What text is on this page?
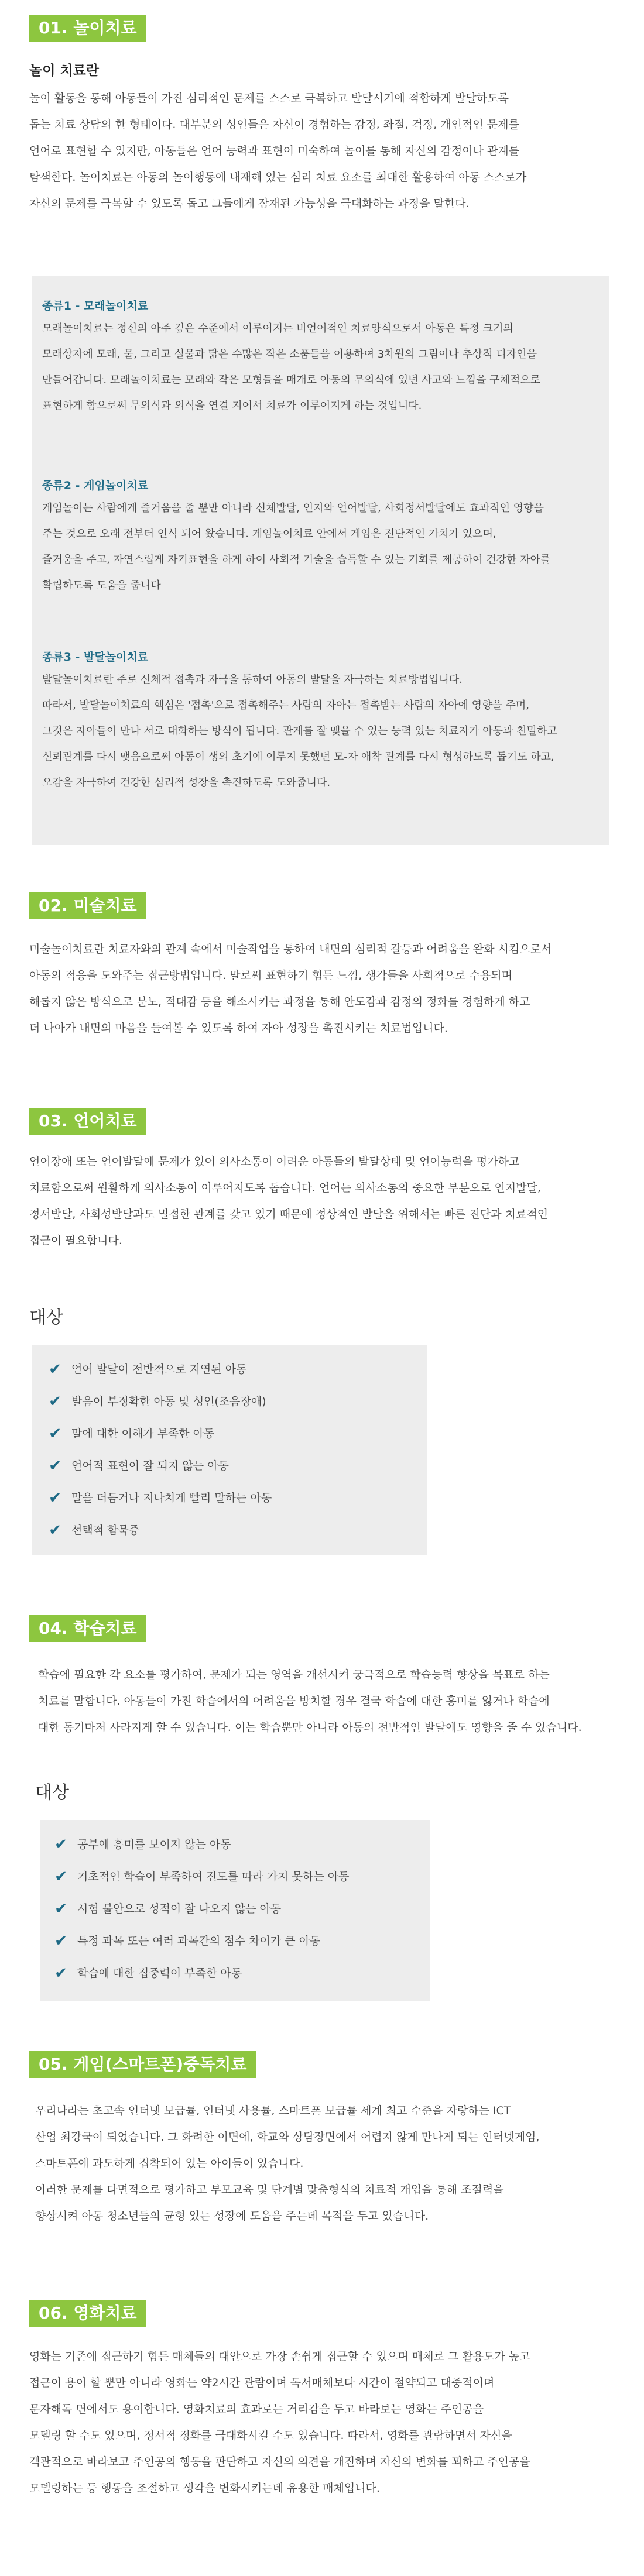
01. 놀이치료
놀이 치료란
놀이 활동을 통해 아동들이 가진 심리적인 문제를 스스로 극복하고 발달시기에 적합하게 발달하도록
돕는 치료 상담의 한 형태이다. 대부분의 성인들은 자신이 경험하는 감정, 좌절, 걱정, 개인적인 문제를
언어로 표현할 수 있지만, 아동들은 언어 능력과 표현이 미숙하여 놀이를 통해 자신의 감정이나 관계를
탐색한다. 놀이치료는 아동의 놀이행동에 내재해 있는 심리 치료 요소를 최대한 활용하여 아동 스스로가
자신의 문제를 극복할 수 있도록 돕고 그들에게 잠재된 가능성을 극대화하는 과정을 말한다.
종류1 - 모래놀이치료
모래놀이치료는 정신의 아주 깊은 수준에서 이루어지는 비언어적인 치료양식으로서 아동은 특정 크기의
모래상자에 모래, 물, 그리고 실물과 닮은 수많은 작은 소품들을 이용하여 3차원의 그림이나 추상적 디자인을
만들어갑니다. 모래놀이치료는 모래와 작은 모형들을 매개로 아동의 무의식에 있던 사고와 느낌을 구체적으로
표현하게 함으로써 무의식과 의식을 연결 지어서 치료가 이루어지게 하는 것입니다.
종류2 - 게임놀이치료
게임놀이는 사람에게 즐거움을 줄 뿐만 아니라 신체발달, 인지와 언어발달, 사회정서발달에도 효과적인 영향을
주는 것으로 오래 전부터 인식 되어 왔습니다. 게임놀이치료 안에서 게임은 진단적인 가치가 있으며,
즐거움을 주고, 자연스럽게 자기표현을 하게 하여 사회적 기술을 습득할 수 있는 기회를 제공하여 건강한 자아를
확립하도록 도움을 줍니다
종류3 - 발달놀이치료
발달놀이치료란 주로 신체적 접촉과 자극을 통하여 아동의 발달을 자극하는 치료방법입니다.
따라서, 발달놀이치료의 핵심은 '접촉'으로 접촉해주는 사람의 자아는 접촉받는 사람의 자아에 영향을 주며,
그것은 자아들이 만나 서로 대화하는 방식이 됩니다. 관계를 잘 맺을 수 있는 능력 있는 치료자가 아동과 친밀하고
신뢰관계를 다시 맺음으로써 아동이 생의 초기에 이루지 못했던 모-자 애착 관계를 다시 형성하도록 돕기도 하고,
오감을 자극하여 건강한 심리적 성장을 촉진하도록 도와줍니다.
02. 미술치료
미술놀이치료란 치료자와의 관계 속에서 미술작업을 통하여 내면의 심리적 갈등과 어려움을 완화 시킴으로서
아동의 적응을 도와주는 접근방법입니다. 말로써 표현하기 힘든 느낌, 생각들을 사회적으로 수용되며
해롭지 않은 방식으로 분노, 적대감 등을 해소시키는 과정을 통해 안도감과 감정의 정화를 경험하게 하고
더 나아가 내면의 마음을 들여볼 수 있도록 하여 자아 성장을 촉진시키는 치료법입니다.
03. 언어치료
언어장애 또는 언어발달에 문제가 있어 의사소통이 어려운 아동들의 발달상태 및 언어능력을 평가하고
치료함으로써 원활하게 의사소통이 이루어지도록 돕습니다. 언어는 의사소통의 중요한 부분으로 인지발달,
정서발달, 사회성발달과도 밀접한 관계를 갖고 있기 때문에 정상적인 발달을 위해서는 빠른 진단과 치료적인
접근이 필요합니다.
대상
✔ 언어 발달이 전반적으로 지연된 아동
✔ 발음이 부정확한 아동 및 성인(조음장애)
✔ 말에 대한 이해가 부족한 아동
✔ 언어적 표현이 잘 되지 않는 아동
✔ 말을 더듬거나 지나치게 빨리 말하는 아동
✔ 선택적 함묵증
04. 학습치료
학습에 필요한 각 요소를 평가하여, 문제가 되는 영역을 개선시켜 궁극적으로 학습능력 향상을 목표로 하는
치료를 말합니다. 아동들이 가진 학습에서의 어려움을 방치할 경우 결국 학습에 대한 흥미를 잃거나 학습에
대한 동기마저 사라지게 할 수 있습니다. 이는 학습뿐만 아니라 아동의 전반적인 발달에도 영향을 줄 수 있습니다.
대상
✔ 공부에 흥미를 보이지 않는 아동
✔ 기초적인 학습이 부족하여 진도를 따라 가지 못하는 아동
✔ 시험 불안으로 성적이 잘 나오지 않는 아동
✔ 특정 과목 또는 여러 과목간의 점수 차이가 큰 아동
✔ 학습에 대한 집중력이 부족한 아동
05. 게임(스마트폰)중독치료
우리나라는 초고속 인터넷 보급률, 인터넷 사용률, 스마트폰 보급률 세계 최고 수준을 자랑하는 ICT
산업 최강국이 되었습니다. 그 화려한 이면에, 학교와 상담장면에서 어렵지 않게 만나게 되는 인터넷게임,
스마트폰에 과도하게 집착되어 있는 아이들이 있습니다.
이러한 문제를 다면적으로 평가하고 부모교육 및 단계별 맞춤형식의 치료적 개입을 통해 조절력을
향상시켜 아동 청소년들의 균형 있는 성장에 도움을 주는데 목적을 두고 있습니다.
06. 영화치료
영화는 기존에 접근하기 힘든 매체들의 대안으로 가장 손쉽게 접근할 수 있으며 매체로 그 활용도가 높고
접근이 용이 할 뿐만 아니라 영화는 약2시간 관람이며 독서매체보다 시간이 절약되고 대중적이며
문자해독 면에서도 용이합니다. 영화치료의 효과로는 거리감을 두고 바라보는 영화는 주인공을
모델링 할 수도 있으며, 정서적 정화를 극대화시킬 수도 있습니다. 따라서, 영화를 관람하면서 자신을
객관적으로 바라보고 주인공의 행동을 판단하고 자신의 의견을 개진하며 자신의 변화를 꾀하고 주인공을
모델링하는 등 행동을 조절하고 생각을 변화시키는데 유용한 매체입니다.
